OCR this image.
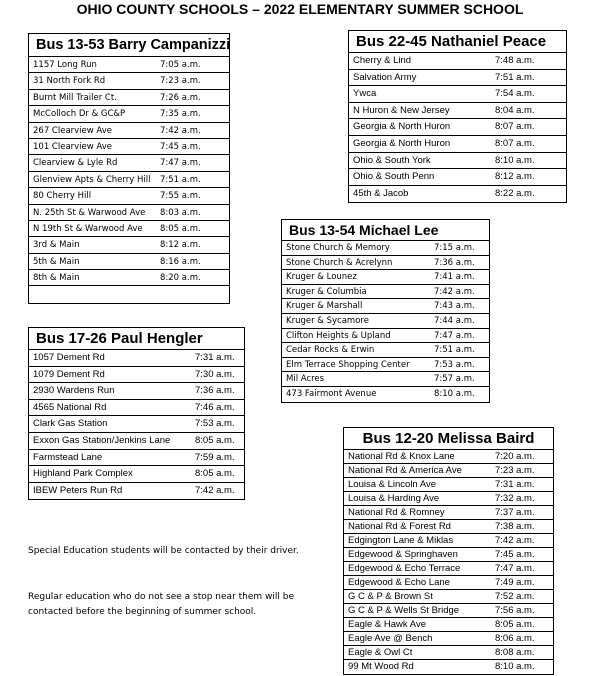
OHIO COUNTY SCHOOLS – 2022 ELEMENTARY SUMMER SCHOOL
Bus 13-53 Barry Campanizzi
1157 Long Run	7:05 a.m.
31 North Fork Rd	7:23 a.m.
Burnt Mill Trailer Ct.	7:26 a.m.
McColloch Dr & GC&P	7:35 a.m.
267 Clearview Ave	7:42 a.m.
101 Clearview Ave	7:45 a.m.
Clearview & Lyle Rd	7:47 a.m.
Glenview Apts & Cherry Hill 7:51 a.m.
80 Cherry Hill	7:55 a.m.
N. 25th St & Warwood Ave 8:03 a.m.
N 19th St & Warwood Ave 8:05 a.m.
3rd & Main	8:12 a.m.
5th & Main	8:16 a.m.
8th & Main	8:20 a.m.
Bus 22-45 Nathaniel Peace
Cherry & Lind	7:48 a.m.
Salvation Army	7:51 a.m.
Ywca	7:54 a.m.
N Huron & New Jersey	8:04 a.m.
Georgia & North Huron	8:07 a.m.
Georgia & North Huron	8:07 a.m.
Ohio & South York	8:10 a.m.
Ohio & South Penn	8:12 a.m.
45th & Jacob	8:22 a.m.
Bus 13-54 Michael Lee
Stone Church & Memory	7:15 a.m.
Stone Church & Acrelynn	7:36 a.m.
Kruger & Lounez	7:41 a.m.
Kruger & Columbia	7:42 a.m.
Kruger & Marshall	7:43 a.m.
Kruger & Sycamore	7:44 a.m.
Clifton Heights & Upland	7:47 a.m.
Cedar Rocks & Erwin	7:51 a.m.
Elm Terrace Shopping Center	7:53 a.m.
Mil Acres	7:57 a.m.
473 Fairmont Avenue	8:10 a.m.
Bus 17-26 Paul Hengler
1057 Dement Rd	7:31 a.m.
1079 Dement Rd	7:30 a.m.
2930 Wardens Run	7:36 a.m.
4565 National Rd	7:46 a.m.
Clark Gas Station	7:53 a.m.
Exxon Gas Station/Jenkins Lane	8:05 a.m.
Farmstead Lane	7:59 a.m.
Highland Park Complex	8:05 a.m.
IBEW Peters Run Rd	7:42 a.m.
Bus 12-20 Melissa Baird
National Rd & Knox Lane	7:20 a.m.
National Rd & America Ave	7:23 a.m.
Louisa & Lincoln Ave	7:31 a.m.
Louisa & Harding Ave	7:32 a.m.
National Rd & Romney	7:37 a.m.
National Rd & Forest Rd	7:38 a.m.
Edgington Lane & Miklas	7:42 a.m.
Edgewood & Springhaven	7:45 a.m.
Edgewood & Echo Terrace	7:47 a.m.
Edgewood & Echo Lane	7:49 a.m.
G C & P & Brown St	7:52 a.m.
G C & P & Wells St Bridge	7:56 a.m.
Eagle & Hawk Ave	8:05 a.m.
Eagle Ave @ Bench	8:06 a.m.
Eagle & Owl Ct	8:08 a.m.
99 Mt Wood Rd	8:10 a.m.
Special Education students will be contacted by their driver.
Regular education who do not see a stop near them will be contacted before the beginning of summer school.
